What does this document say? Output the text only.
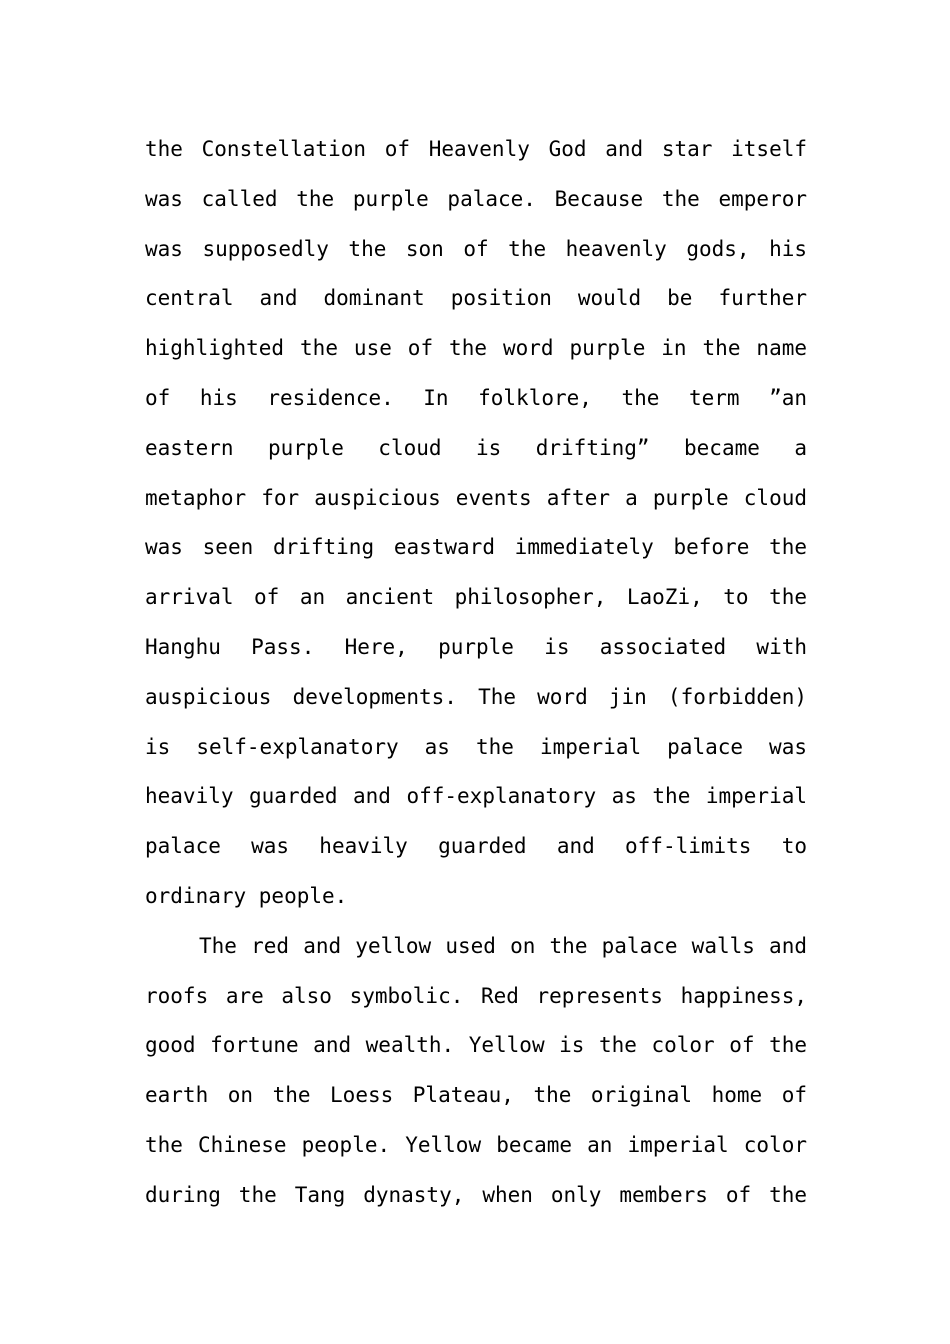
the Constellation of Heavenly God and star itself
was called the purple palace. Because the emperor
was supposedly the son of the heavenly gods, his
central and dominant position would be further
highlighted the use of the word purple in the name
of his residence. In folklore, the term ”an
eastern purple cloud is drifting” became a
metaphor for auspicious events after a purple cloud
was seen drifting eastward immediately before the
arrival of an ancient philosopher, LaoZi, to the
Hanghu Pass. Here, purple is associated with
auspicious developments. The word jin (forbidden)
is self-explanatory as the imperial palace was
heavily guarded and off-explanatory as the imperial
palace was heavily guarded and off-limits to
ordinary people.
The red and yellow used on the palace walls and
roofs are also symbolic. Red represents happiness,
good fortune and wealth. Yellow is the color of the
earth on the Loess Plateau, the original home of
the Chinese people. Yellow became an imperial color
during the Tang dynasty, when only members of the
